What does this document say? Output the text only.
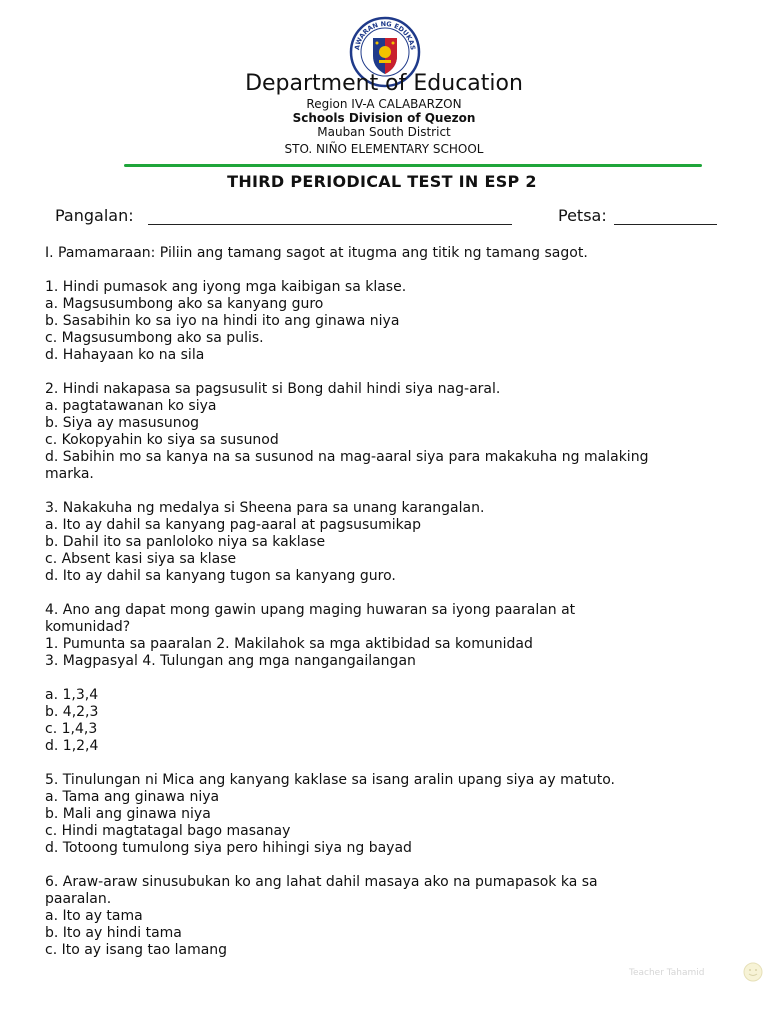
AWARAN NG EDUKAS
Department of Education
Region IV-A CALABARZON
Schools Division of Quezon
Mauban South District
STO. NIÑO ELEMENTARY SCHOOL
THIRD PERIODICAL TEST IN ESP 2
Pangalan:	Petsa:
I. Pamamaraan: Piliin ang tamang sagot at itugma ang titik ng tamang sagot.
1. Hindi pumasok ang iyong mga kaibigan sa klase.
a. Magsusumbong ako sa kanyang guro
b. Sasabihin ko sa iyo na hindi ito ang ginawa niya
c. Magsusumbong ako sa pulis.
d. Hahayaan ko na sila
2. Hindi nakapasa sa pagsusulit si Bong dahil hindi siya nag-aral.
a. pagtatawanan ko siya
b. Siya ay masusunog
c. Kokopyahin ko siya sa susunod
d. Sabihin mo sa kanya na sa susunod na mag-aaral siya para makakuha ng malaking
marka.
3. Nakakuha ng medalya si Sheena para sa unang karangalan.
a. Ito ay dahil sa kanyang pag-aaral at pagsusumikap
b. Dahil ito sa panloloko niya sa kaklase
c. Absent kasi siya sa klase
d. Ito ay dahil sa kanyang tugon sa kanyang guro.
4. Ano ang dapat mong gawin upang maging huwaran sa iyong paaralan at
komunidad?
1. Pumunta sa paaralan 2. Makilahok sa mga aktibidad sa komunidad
3. Magpasyal 4. Tulungan ang mga nangangailangan
a. 1,3,4
b. 4,2,3
c. 1,4,3
d. 1,2,4
5. Tinulungan ni Mica ang kanyang kaklase sa isang aralin upang siya ay matuto.
a. Tama ang ginawa niya
b. Mali ang ginawa niya
c. Hindi magtatagal bago masanay
d. Totoong tumulong siya pero hihingi siya ng bayad
6. Araw-araw sinusubukan ko ang lahat dahil masaya ako na pumapasok ka sa
paaralan.
a. Ito ay tama
b. Ito ay hindi tama
c. Ito ay isang tao lamang
Teacher Tahamid
